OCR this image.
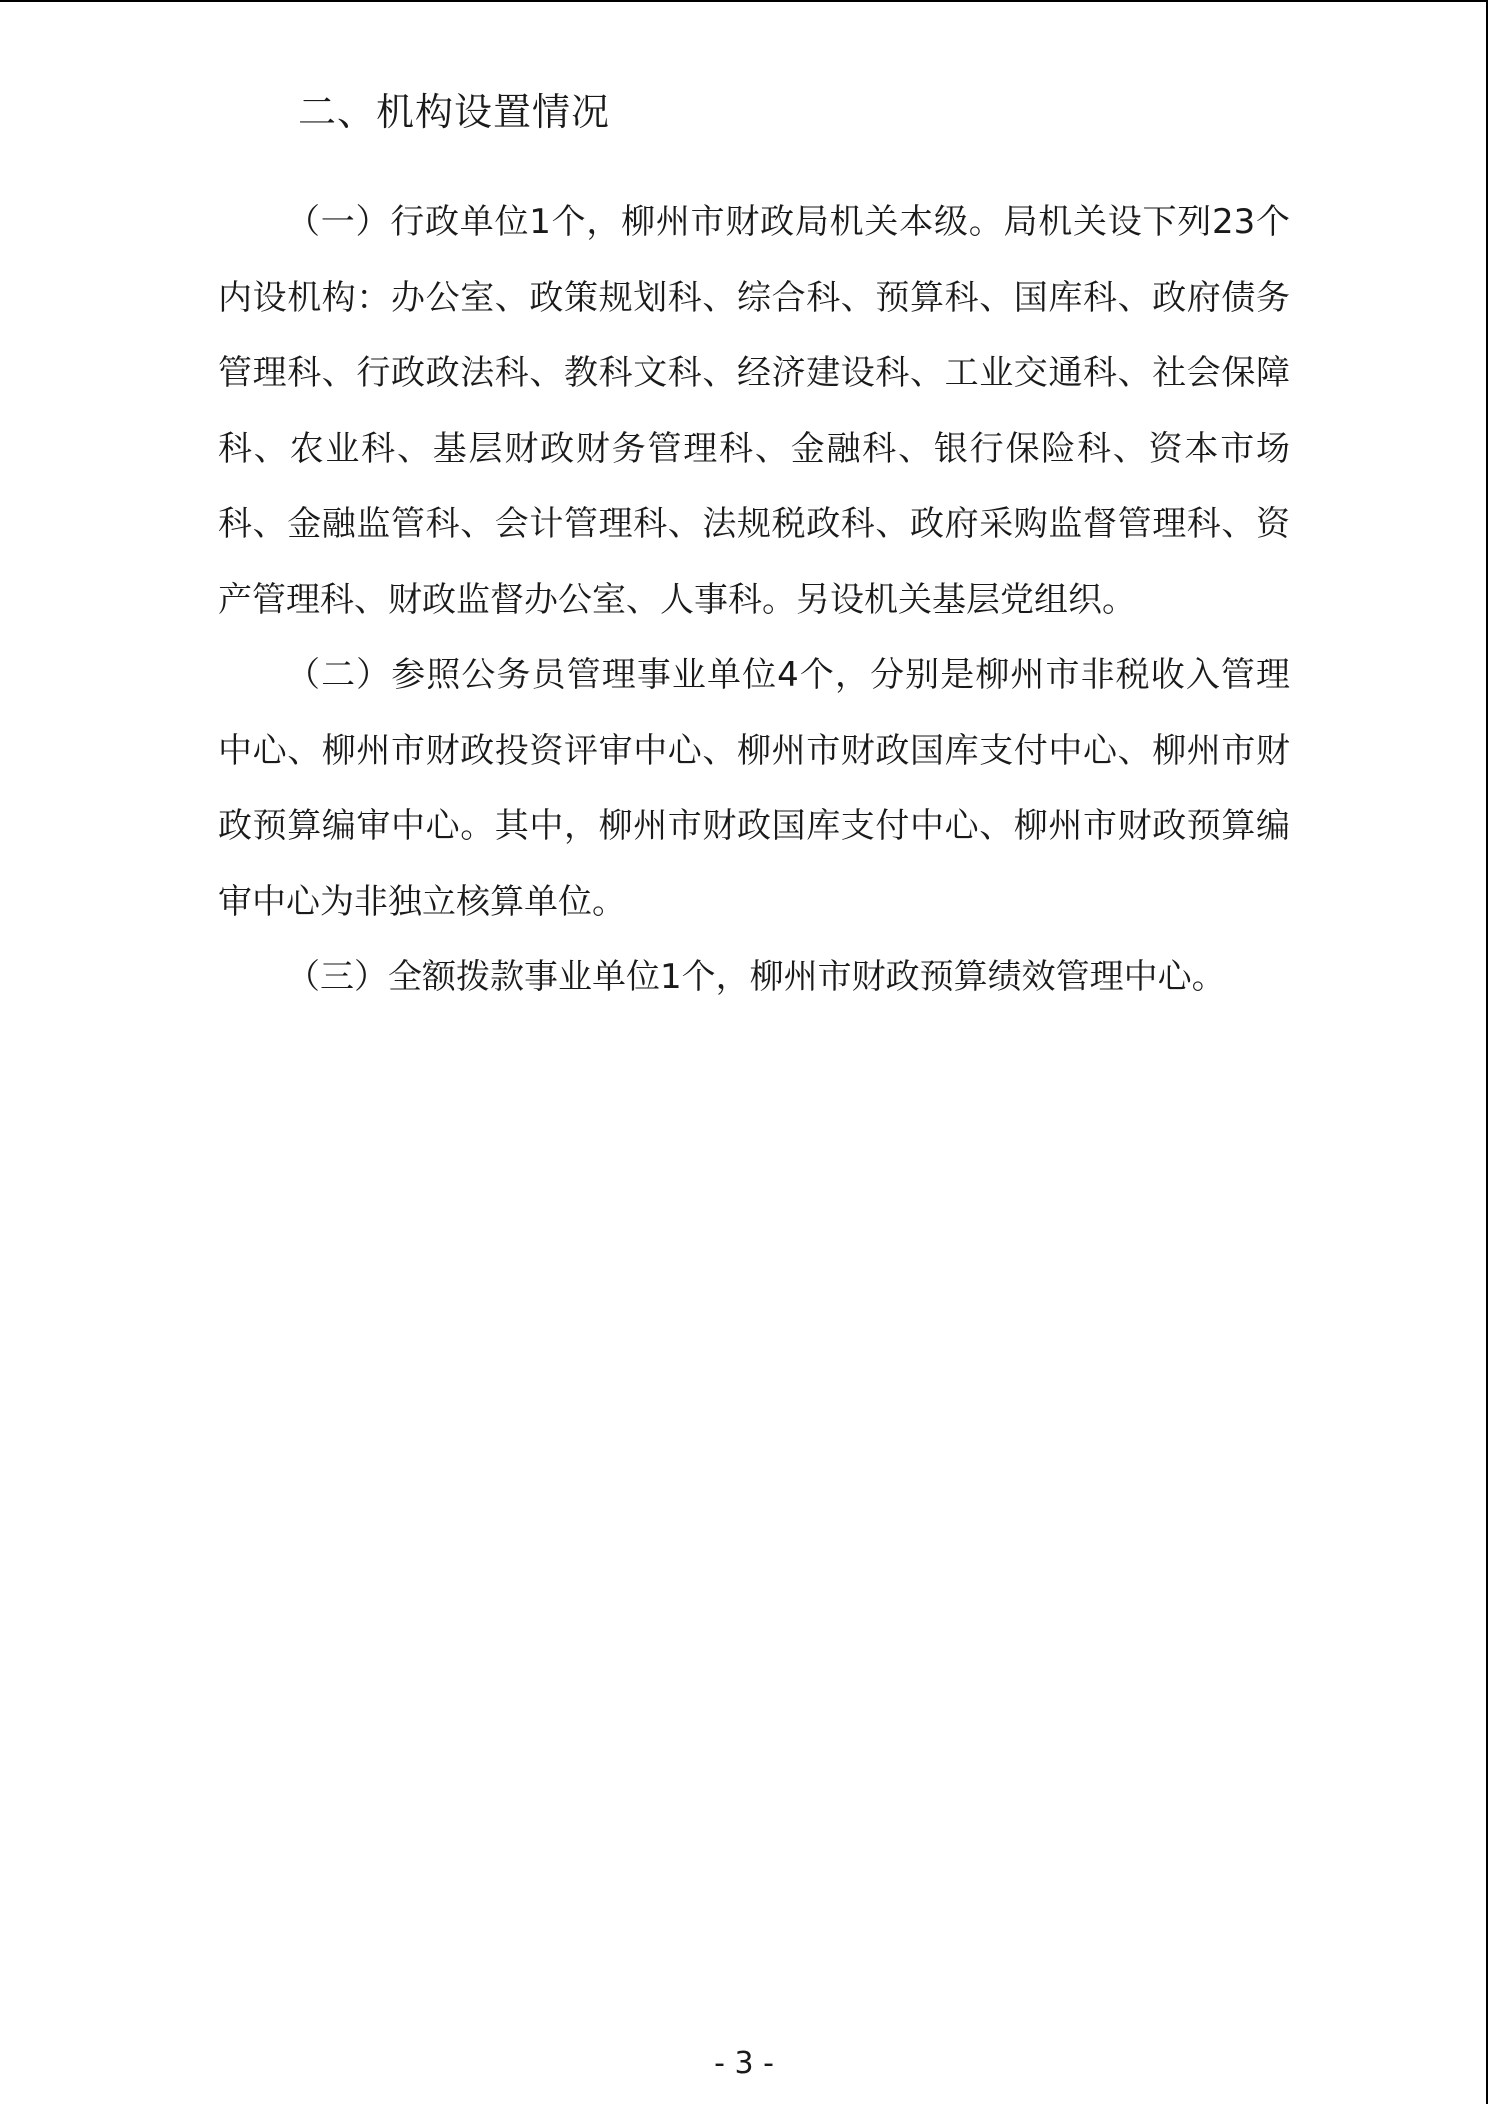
二、机构设置情况

（一）行政单位1个，柳州市财政局机关本级。局机关设下列23个内设机构：办公室、政策规划科、综合科、预算科、国库科、政府债务管理科、行政政法科、教科文科、经济建设科、工业交通科、社会保障科、农业科、基层财政财务管理科、金融科、银行保险科、资本市场科、金融监管科、会计管理科、法规税政科、政府采购监督管理科、资产管理科、财政监督办公室、人事科。另设机关基层党组织。

（二）参照公务员管理事业单位4个，分别是柳州市非税收入管理中心、柳州市财政投资评审中心、柳州市财政国库支付中心、柳州市财政预算编审中心。其中，柳州市财政国库支付中心、柳州市财政预算编审中心为非独立核算单位。

（三）全额拨款事业单位1个，柳州市财政预算绩效管理中心。

- 3 -
